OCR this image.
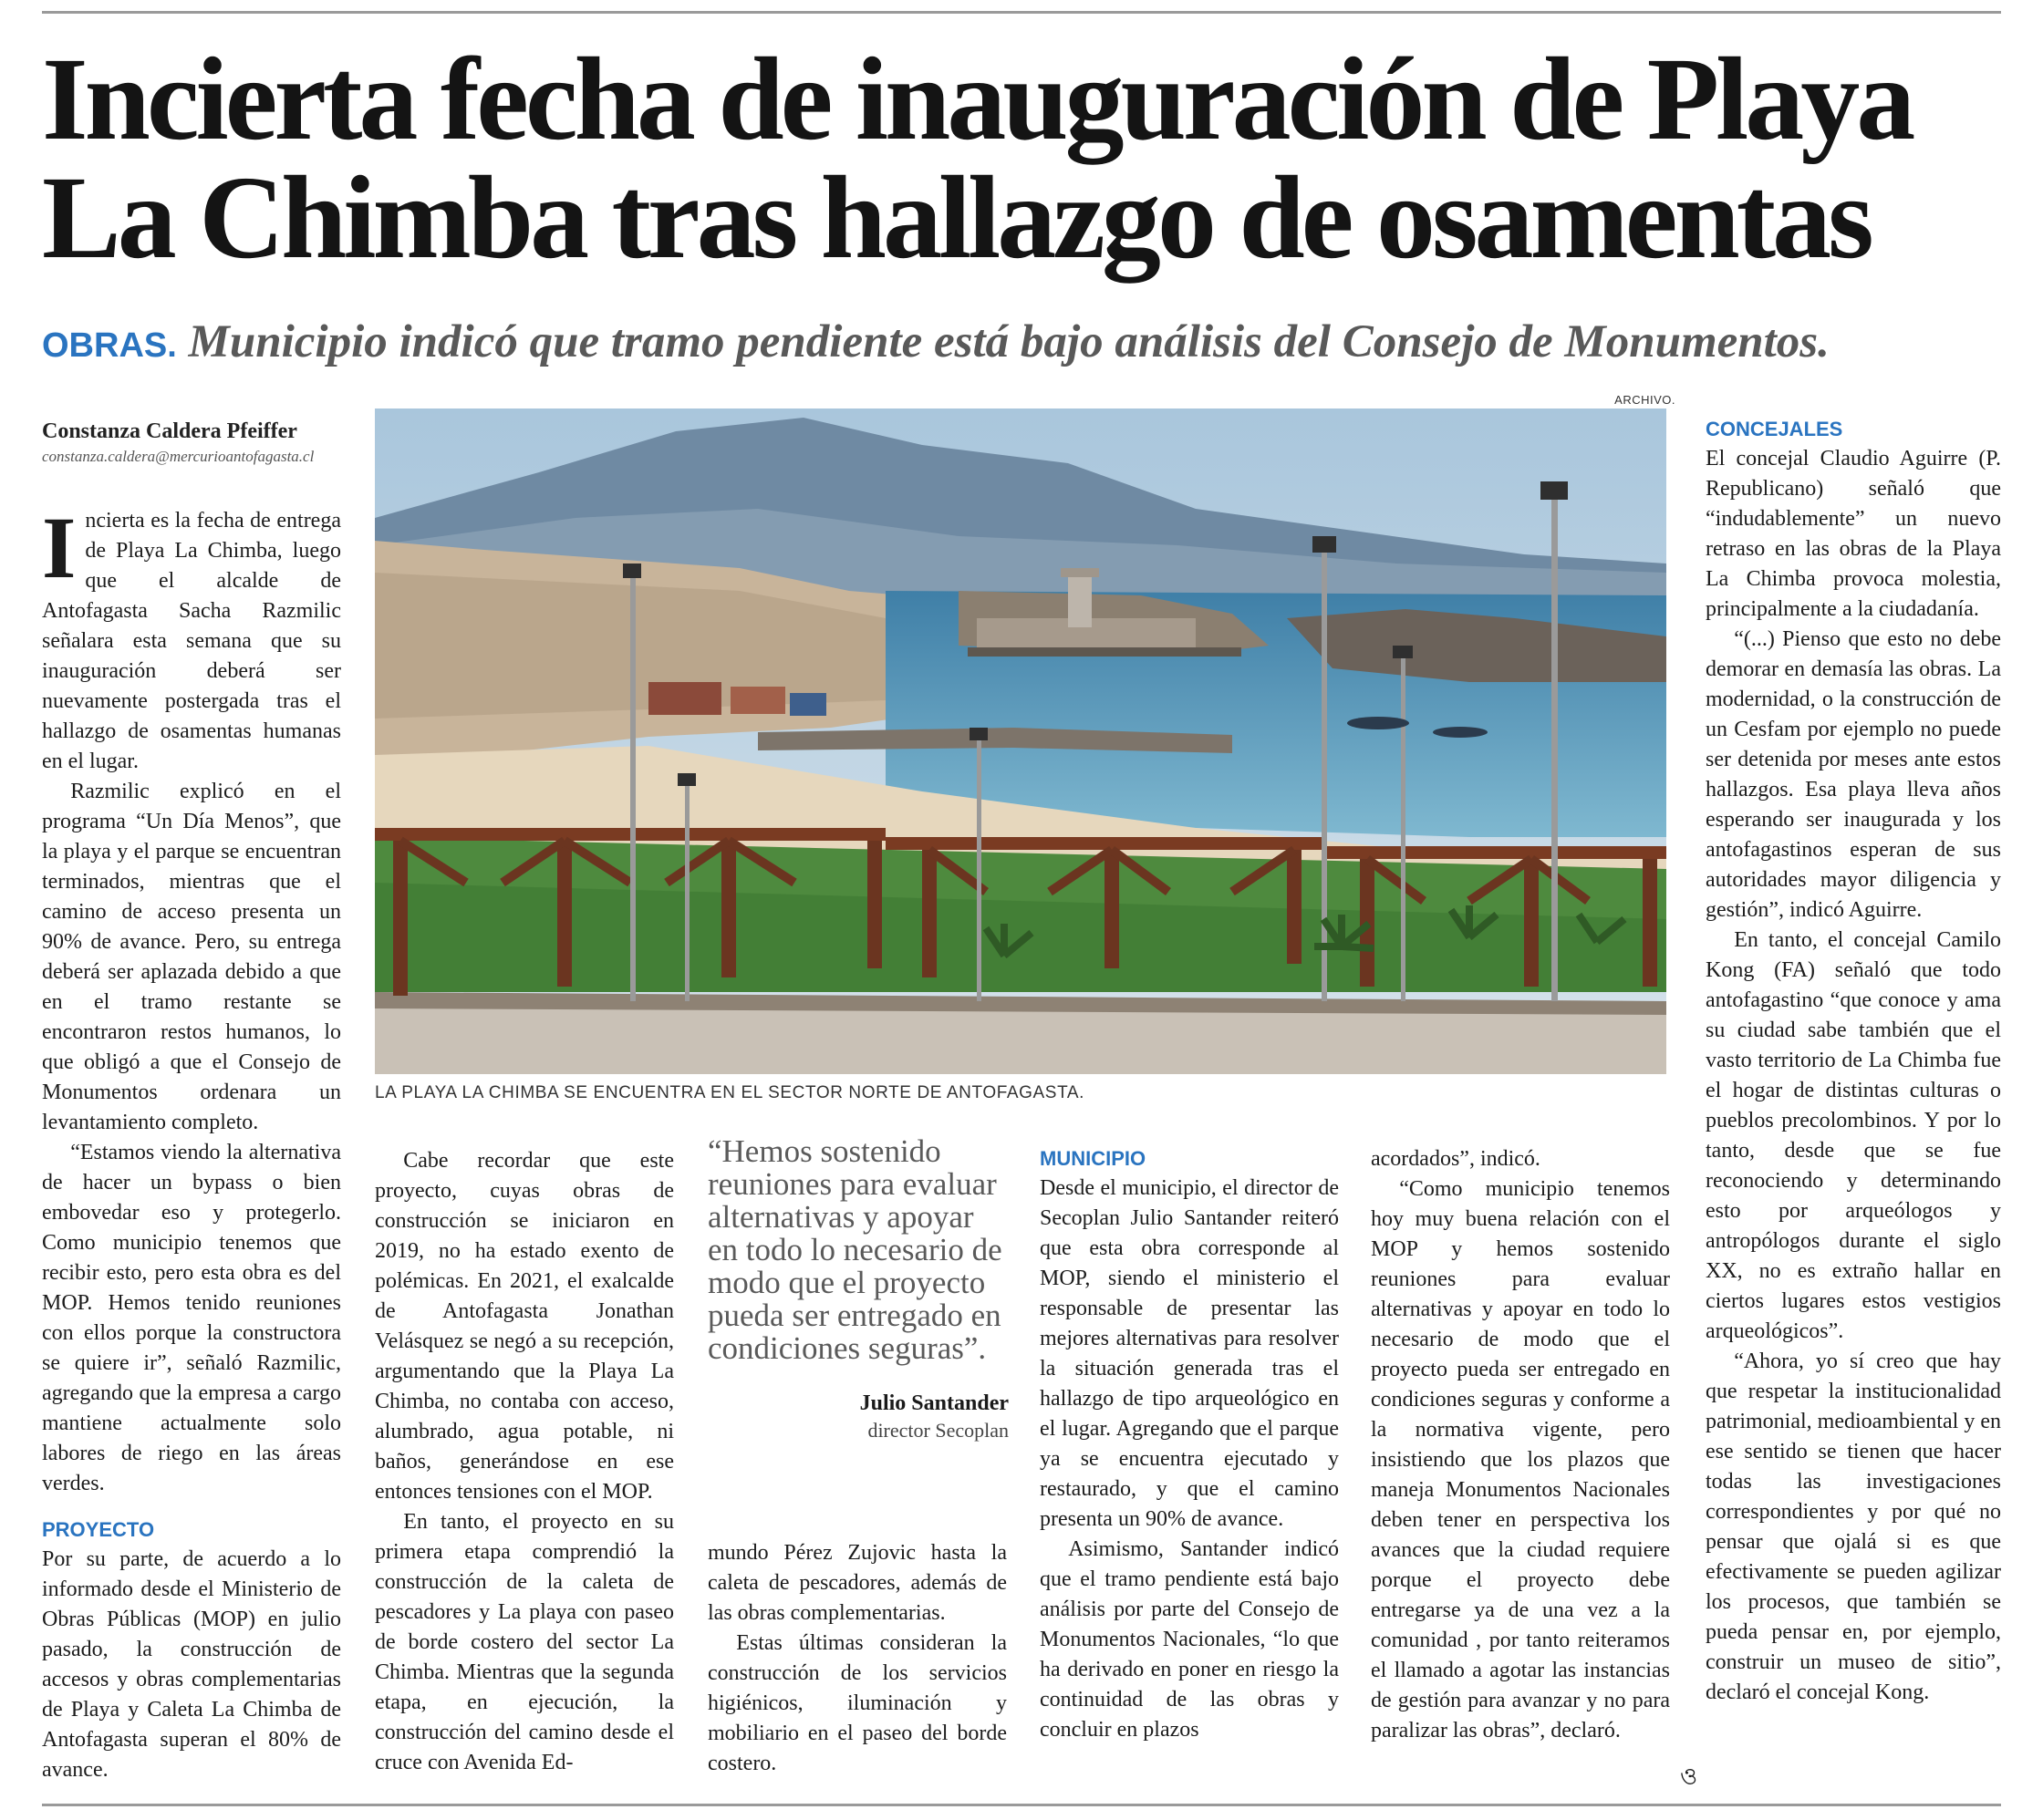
Incierta fecha de inauguración de Playa
La Chimba tras hallazgo de osamentas
OBRAS. Municipio indicó que tramo pendiente está bajo análisis del Consejo de Monumentos.
Constanza Caldera Pfeiffer
constanza.caldera@mercurioantofagasta.cl
ARCHIVO.
LA PLAYA LA CHIMBA SE ENCUENTRA EN EL SECTOR NORTE DE ANTOFAGASTA.

Incierta es la fecha de entrega de Playa La Chimba, luego que el alcalde de Antofagasta Sacha Razmilic señalara esta semana que su inauguración deberá ser nuevamente postergada tras el hallazgo de osamentas humanas en el lugar.

Razmilic explicó en el programa “Un Día Menos”, que la playa y el parque se encuentran terminados, mientras que el camino de acceso presenta un 90% de avance. Pero, su entrega deberá ser aplazada debido a que en el tramo restante se encontraron restos humanos, lo que obligó a que el Consejo de Monumentos ordenara un levantamiento completo.

“Estamos viendo la alternativa de hacer un bypass o bien embovedar eso y protegerlo. Como municipio tenemos que recibir esto, pero esta obra es del MOP. Hemos tenido reuniones con ellos porque la constructora se quiere ir”, señaló Razmilic, agregando que la empresa a cargo mantiene actualmente solo labores de riego en las áreas verdes.

PROYECTO

Por su parte, de acuerdo a lo informado desde el Ministerio de Obras Públicas (MOP) en julio pasado, la construcción de accesos y obras complementarias de Playa y Caleta La Chimba de Antofagasta superan el 80% de avance.

Cabe recordar que este proyecto, cuyas obras de construcción se iniciaron en 2019, no ha estado exento de polémicas. En 2021, el exalcalde de Antofagasta Jonathan Velásquez se negó a su recepción, argumentando que la Playa La Chimba, no contaba con acceso, alumbrado, agua potable, ni baños, generándose en ese entonces tensiones con el MOP.

En tanto, el proyecto en su primera etapa comprendió la construcción de la caleta de pescadores y La playa con paseo de borde costero del sector La Chimba. Mientras que la segunda etapa, en ejecución, la construcción del camino desde el cruce con Avenida Ed-

“Hemos sostenido reuniones para evaluar alternativas y apoyar en todo lo necesario de modo que el proyecto pueda ser entregado en condiciones seguras”.
Julio Santander
director Secoplan

mundo Pérez Zujovic hasta la caleta de pescadores, además de las obras complementarias.

Estas últimas consideran la construcción de los servicios higiénicos, iluminación y mobiliario en el paseo del borde costero.

MUNICIPIO

Desde el municipio, el director de Secoplan Julio Santander reiteró que esta obra corresponde al MOP, siendo el ministerio el responsable de presentar las mejores alternativas para resolver la situación generada tras el hallazgo de tipo arqueológico en el lugar. Agregando que el parque ya se encuentra ejecutado y restaurado, y que el camino presenta un 90% de avance.

Asimismo, Santander indicó que el tramo pendiente está bajo análisis por parte del Consejo de Monumentos Nacionales, “lo que ha derivado en poner en riesgo la continuidad de las obras y concluir en plazos

acordados”, indicó.

“Como municipio tenemos hoy muy buena relación con el MOP y hemos sostenido reuniones para evaluar alternativas y apoyar en todo lo necesario de modo que el proyecto pueda ser entregado en condiciones seguras y conforme a la normativa vigente, pero insistiendo que los plazos que maneja Monumentos Nacionales deben tener en perspectiva los avances que la ciudad requiere porque el proyecto debe entregarse ya de una vez a la comunidad , por tanto reiteramos el llamado a agotar las instancias de gestión para avanzar y no para paralizar las obras”, declaró.

CONCEJALES

El concejal Claudio Aguirre (P. Republicano) señaló que “indudablemente” un nuevo retraso en las obras de la Playa La Chimba provoca molestia, principalmente a la ciudadanía.

“(...) Pienso que esto no debe demorar en demasía las obras. La modernidad, o la construcción de un Cesfam por ejemplo no puede ser detenida por meses ante estos hallazgos. Esa playa lleva años esperando ser inaugurada y los antofagastinos esperan de sus autoridades mayor diligencia y gestión”, indicó Aguirre.

En tanto, el concejal Camilo Kong (FA) señaló que todo antofagastino “que conoce y ama su ciudad sabe también que el vasto territorio de La Chimba fue el hogar de distintas culturas o pueblos precolombinos. Y por lo tanto, desde que se fue reconociendo y determinando esto por arqueólogos y antropólogos durante el siglo XX, no es extraño hallar en ciertos lugares estos vestigios arqueológicos”.

“Ahora, yo sí creo que hay que respetar la institucionalidad patrimonial, medioambiental y en ese sentido se tienen que hacer todas las investigaciones correspondientes y por qué no pensar que ojalá si es que efectivamente se pueden agilizar los procesos, que también se pueda pensar en, por ejemplo, construir un museo de sitio”, declaró el concejal Kong.

ও
